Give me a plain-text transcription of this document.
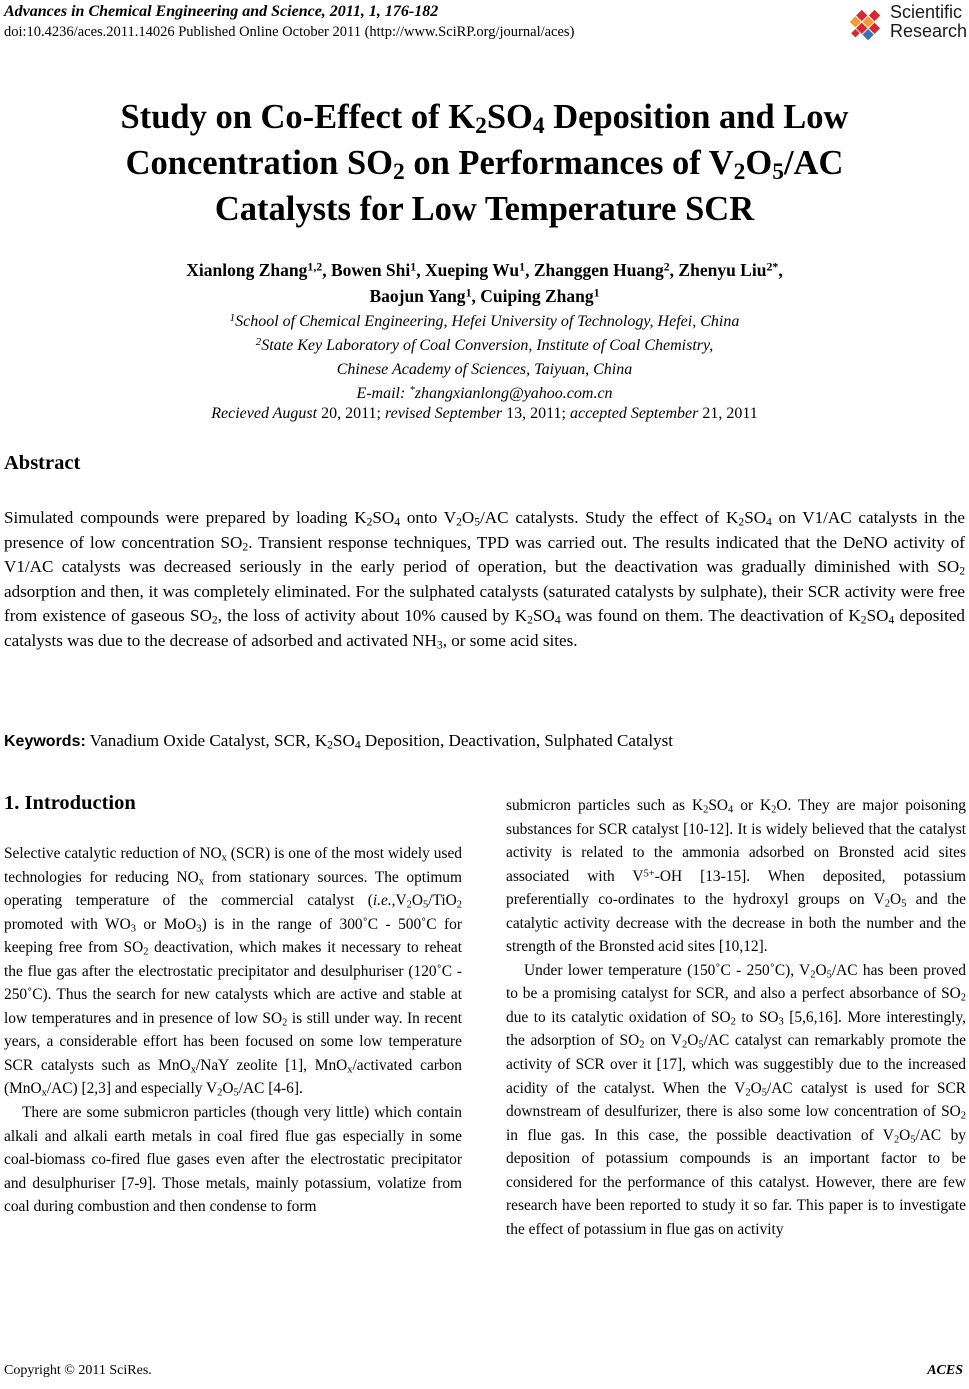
Advances in Chemical Engineering and Science, 2011, 1, 176-182
doi:10.4236/aces.2011.14026 Published Online October 2011 (http://www.SciRP.org/journal/aces)
Scientific
Research
Study on Co-Effect of $K_2SO_4$ Deposition and Low
Concentration $SO_2$ on Performances of $V_2O_5/AC$
Catalysts for Low Temperature SCR
Xianlong Zhang$^{1,2}$, Bowen Shi$^1$, Xueping Wu$^1$, Zhanggen Huang$^2$, Zhenyu Liu$^{2*}$,
Baojun Yang$^1$, Cuiping Zhang$^1$
$^1$School of Chemical Engineering, Hefei University of Technology, Hefei, China
$^2$State Key Laboratory of Coal Conversion, Institute of Coal Chemistry,
Chinese Academy of Sciences, Taiyuan, China
E-mail: *zhangxianlong@yahoo.com.cn
Recieved August 20, 2011; revised September 13, 2011; accepted September 21, 2011
Abstract
Simulated compounds were prepared by loading $K_2SO_4$ onto $V_2O_5/AC$ catalysts. Study the effect of $K_2SO_4$ on V1/AC catalysts in the presence of low concentration $SO_2$. Transient response techniques, TPD was carried out. The results indicated that the DeNO activity of V1/AC catalysts was decreased seriously in the early period of operation, but the deactivation was gradually diminished with $SO_2$ adsorption and then, it was completely eliminated. For the sulphated catalysts (saturated catalysts by sulphate), their SCR activity were free from existence of gaseous $SO_2$, the loss of activity about 10% caused by $K_2SO_4$ was found on them. The deactivation of $K_2SO_4$ deposited catalysts was due to the decrease of adsorbed and activated $NH_3$, or some acid sites.
Keywords: Vanadium Oxide Catalyst, SCR, $K_2SO_4$ Deposition, Deactivation, Sulphated Catalyst
1. Introduction

Selective catalytic reduction of $NO_x$ (SCR) is one of the most widely used technologies for reducing $NO_x$ from stationary sources. The optimum operating temperature of the commercial catalyst ($i.e.,V_2O_5/TiO_2$ promoted with $WO_3$ or MoO$_3$) is in the range of 300˚C - 500˚C for keeping free from $SO_2$ deactivation, which makes it necessary to reheat the flue gas after the electrostatic precipitator and desulphuriser (120˚C - 250˚C). Thus the search for new catalysts which are active and stable at low temperatures and in presence of low $SO_2$ is still under way. In recent years, a considerable effort has been focused on some low temperature SCR catalysts such as MnO$_x$/NaY zeolite [1], MnO$_x$/activated carbon (MnO$_x$/AC) [2,3] and especially $V_2O_5/AC$ [4-6].

There are some submicron particles (though very little) which contain alkali and alkali earth metals in coal fired flue gas especially in some coal-biomass co-fired flue gases even after the electrostatic precipitator and desulphuriser [7-9]. Those metals, mainly potassium, volatize from coal during combustion and then condense to form

submicron particles such as $K_2SO_4$ or $K_2O$. They are major poisoning substances for SCR catalyst [10-12]. It is widely believed that the catalyst activity is related to the ammonia adsorbed on Bronsted acid sites associated with $V^{5+}-OH$ [13-15]. When deposited, potassium preferentially co-ordinates to the hydroxyl groups on $V_2O_5$ and the catalytic activity decrease with the decrease in both the number and the strength of the Bronsted acid sites [10,12].

Under lower temperature (150˚C - 250˚C), $V_2O_5/AC$ has been proved to be a promising catalyst for SCR, and also a perfect absorbance of $SO_2$ due to its catalytic oxidation of $SO_2$ to $SO_3$ [5,6,16]. More interestingly, the adsorption of $SO_2$ on $V_2O_5/AC$ catalyst can remarkably promote the activity of SCR over it [17], which was suggestibly due to the increased acidity of the catalyst. When the $V_2O_5/AC$ catalyst is used for SCR downstream of desulfurizer, there is also some low concentration of $SO_2$ in flue gas. In this case, the possible deactivation of $V_2O_5/AC$ by deposition of potassium compounds is an important factor to be considered for the performance of this catalyst. However, there are few research have been reported to study it so far. This paper is to investigate the effect of potassium in flue gas on activity

Copyright © 2011 SciRes.	ACES
